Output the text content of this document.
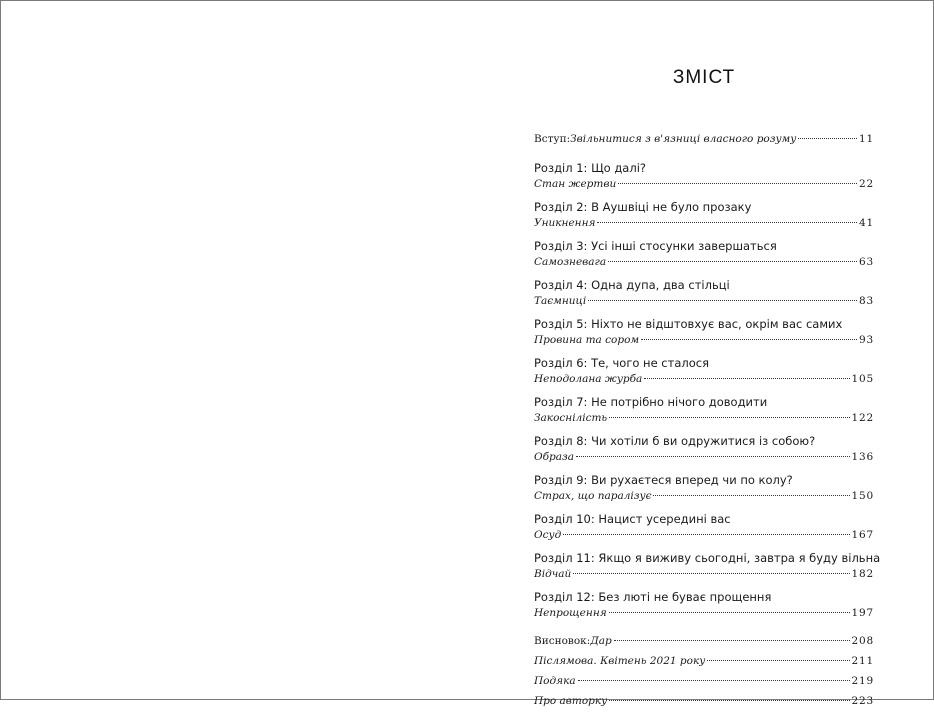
ЗМІСТ
Вступ: Звільнитися з в'язниці власного розуму	11
Розділ 1: Що далі?
Стан жертви	22
Розділ 2: В Аушвіці не було прозаку
Уникнення	41
Розділ 3: Усі інші стосунки завершаться
Самозневага	63
Розділ 4: Одна дупа, два стільці
Таємниці	83
Розділ 5: Ніхто не відштовхує вас, окрім вас самих
Провина та сором	93
Розділ 6: Те, чого не сталося
Неподолана журба	105
Розділ 7: Не потрібно нічого доводити
Закосніліcть	122
Розділ 8: Чи хотіли б ви одружитися із собою?
Образа	136
Розділ 9: Ви рухаєтеся вперед чи по колу?
Страх, що паралізує	150
Розділ 10: Нацист усередині вас
Осуд	167
Розділ 11: Якщо я виживу сьогодні, завтра я буду вільна
Відчай	182
Розділ 12: Без люті не буває прощення
Непрощення	197
Висновок: Дар	208
Післямова. Квітень 2021 року	211
Подяка	219
Про авторку	223
